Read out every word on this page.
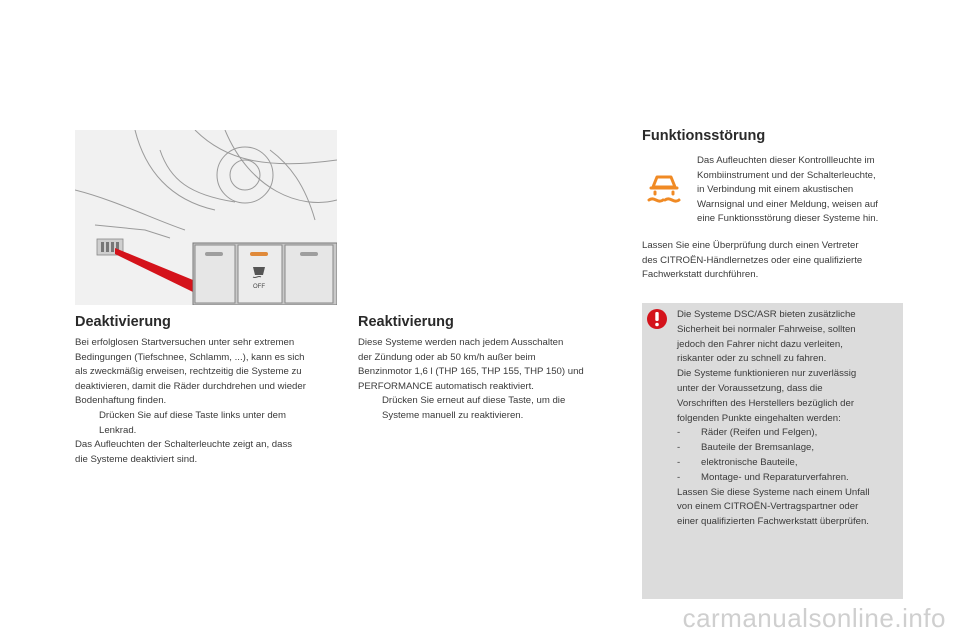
OFF
Deaktivierung

Bei erfolglosen Startversuchen unter sehr extremen

Bedingungen (Tiefschnee, Schlamm, ...), kann es sich

als zweckmäßig erweisen, rechtzeitig die Systeme zu

deaktivieren, damit die Räder durchdrehen und wieder

Bodenhaftung finden.

Drücken Sie auf diese Taste links unter dem

Lenkrad.

Das Aufleuchten der Schalterleuchte zeigt an, dass

die Systeme deaktiviert sind.

Reaktivierung

Diese Systeme werden nach jedem Ausschalten

der Zündung oder ab 50 km/h außer beim

Benzinmotor 1,6 l (THP 165, THP 155, THP 150) und

PERFORMANCE automatisch reaktiviert.

Drücken Sie erneut auf diese Taste, um die

Systeme manuell zu reaktivieren.

Funktionsstörung

Das Aufleuchten dieser Kontrollleuchte im

Kombiinstrument und der Schalterleuchte,

in Verbindung mit einem akustischen

Warnsignal und einer Meldung, weisen auf

eine Funktionsstörung dieser Systeme hin.

Lassen Sie eine Überprüfung durch einen Vertreter

des CITROËN-Händlernetzes oder eine qualifizierte

Fachwerkstatt durchführen.

Die Systeme DSC/ASR bieten zusätzliche

Sicherheit bei normaler Fahrweise, sollten

jedoch den Fahrer nicht dazu verleiten,

riskanter oder zu schnell zu fahren.

Die Systeme funktionieren nur zuverlässig

unter der Voraussetzung, dass die

Vorschriften des Herstellers bezüglich der

folgenden Punkte eingehalten werden:

-	Räder (Reifen und Felgen),
-	Bauteile der Bremsanlage,
-	elektronische Bauteile,
-	Montage- und Reparaturverfahren.

Lassen Sie diese Systeme nach einem Unfall

von einem CITROËN-Vertragspartner oder

einer qualifizierten Fachwerkstatt überprüfen.

carmanualsonline.info
